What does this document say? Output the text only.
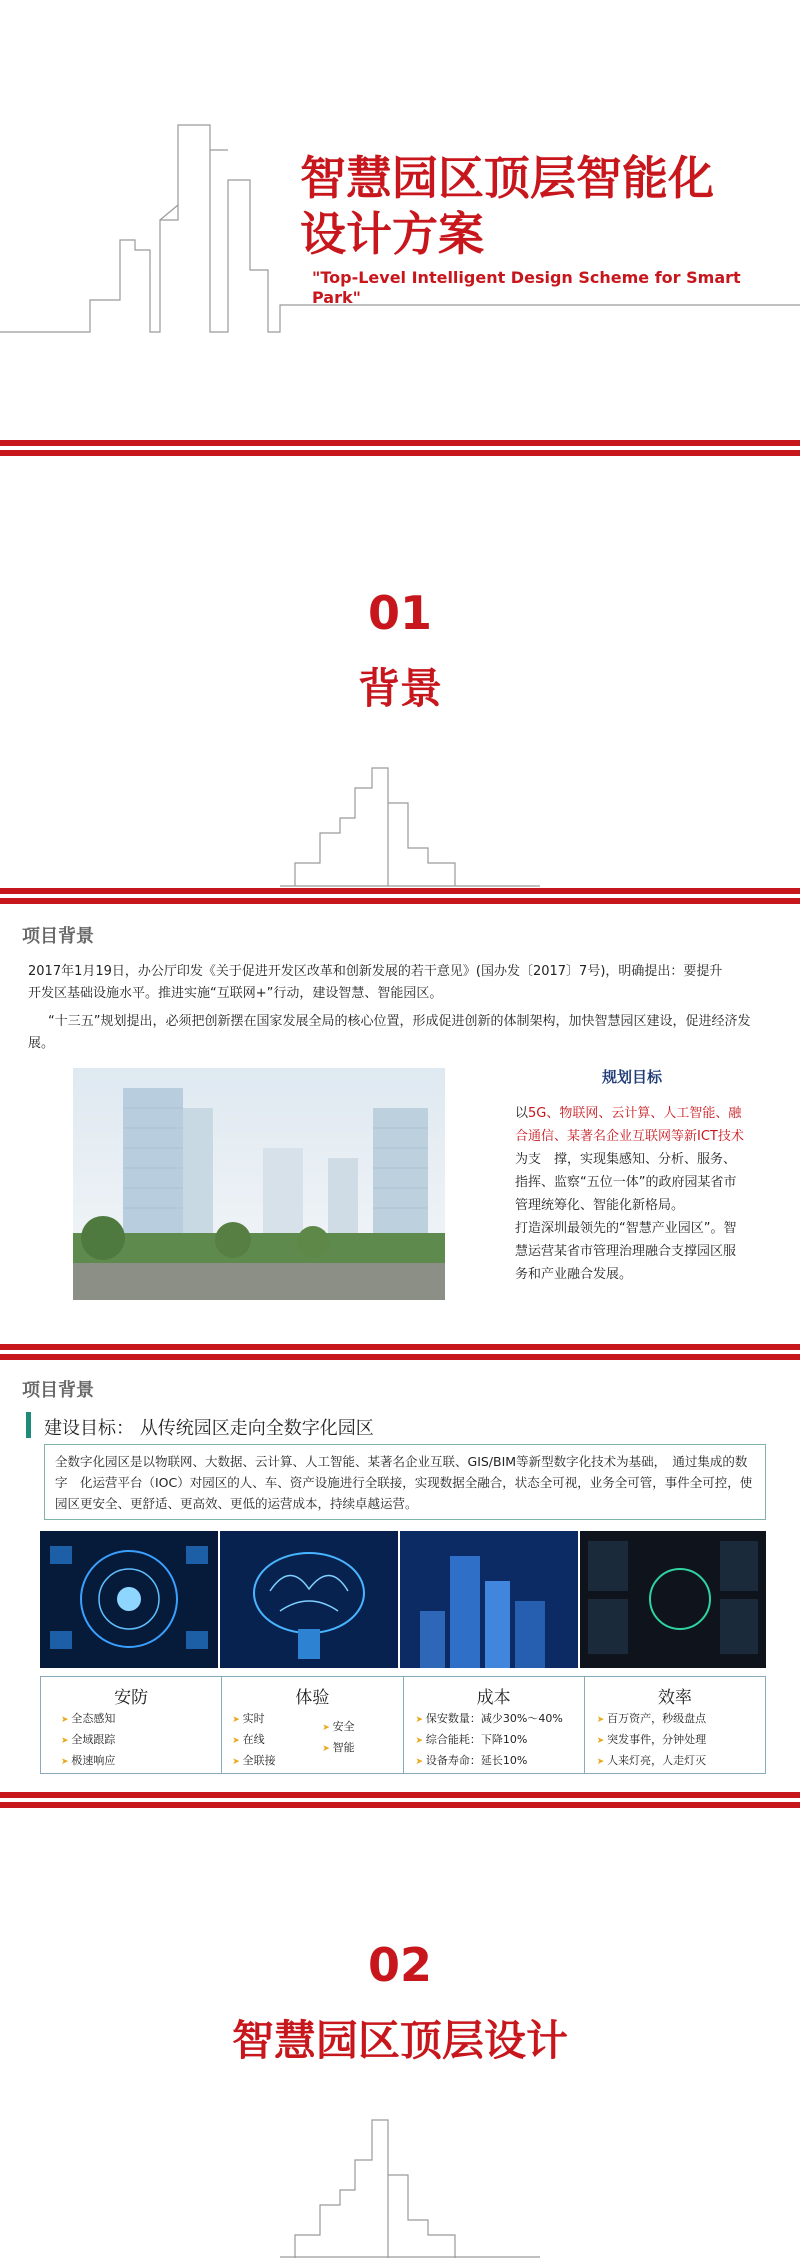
智慧园区顶层智能化
设计方案
"Top-Level Intelligent Design Scheme for Smart Park"
01
背景
项目背景
2017年1月19日，办公厅印发《关于促进开发区改革和创新发展的若干意见》(国办发〔2017〕7号)，明确提出：要提升开发区基础设施水平。推进实施“互联网+”行动，建设智慧、智能园区。
“十三五”规划提出，必须把创新摆在国家发展全局的核心位置，形成促进创新的体制架构，加快智慧园区建设，促进经济发展。
规划目标
以5G、物联网、云计算、人工智能、融合通信、某著名企业互联网等新ICT技术为支　撑，实现集感知、分析、服务、指挥、监察“五位一体”的政府园某省市管理统筹化、智能化新格局。
打造深圳最领先的“智慧产业园区”。智慧运营某省市管理治理融合支撑园区服务和产业融合发展。
项目背景
建设目标： 从传统园区走向全数字化园区
全数字化园区是以物联网、大数据、云计算、人工智能、某著名企业互联、GIS/BIM等新型数字化技术为基础，　通过集成的数字　化运营平台（IOC）对园区的人、车、资产设施进行全联接，实现数据全融合，状态全可视，业务全可管，事件全可控，使 园区更安全、更舒适、更高效、更低的运营成本，持续卓越运营。
安防
➤ 全态感知
➤ 全域跟踪
➤ 极速响应
体验
➤ 实时
➤ 在线
➤ 全联接
➤ 安全
➤ 智能
成本
➤ 保安数量：减少30%～40%
➤ 综合能耗：下降10%
➤ 设备寿命：延长10%
效率
➤ 百万资产，秒级盘点
➤ 突发事件，分钟处理
➤ 人来灯亮，人走灯灭
02
智慧园区顶层设计
